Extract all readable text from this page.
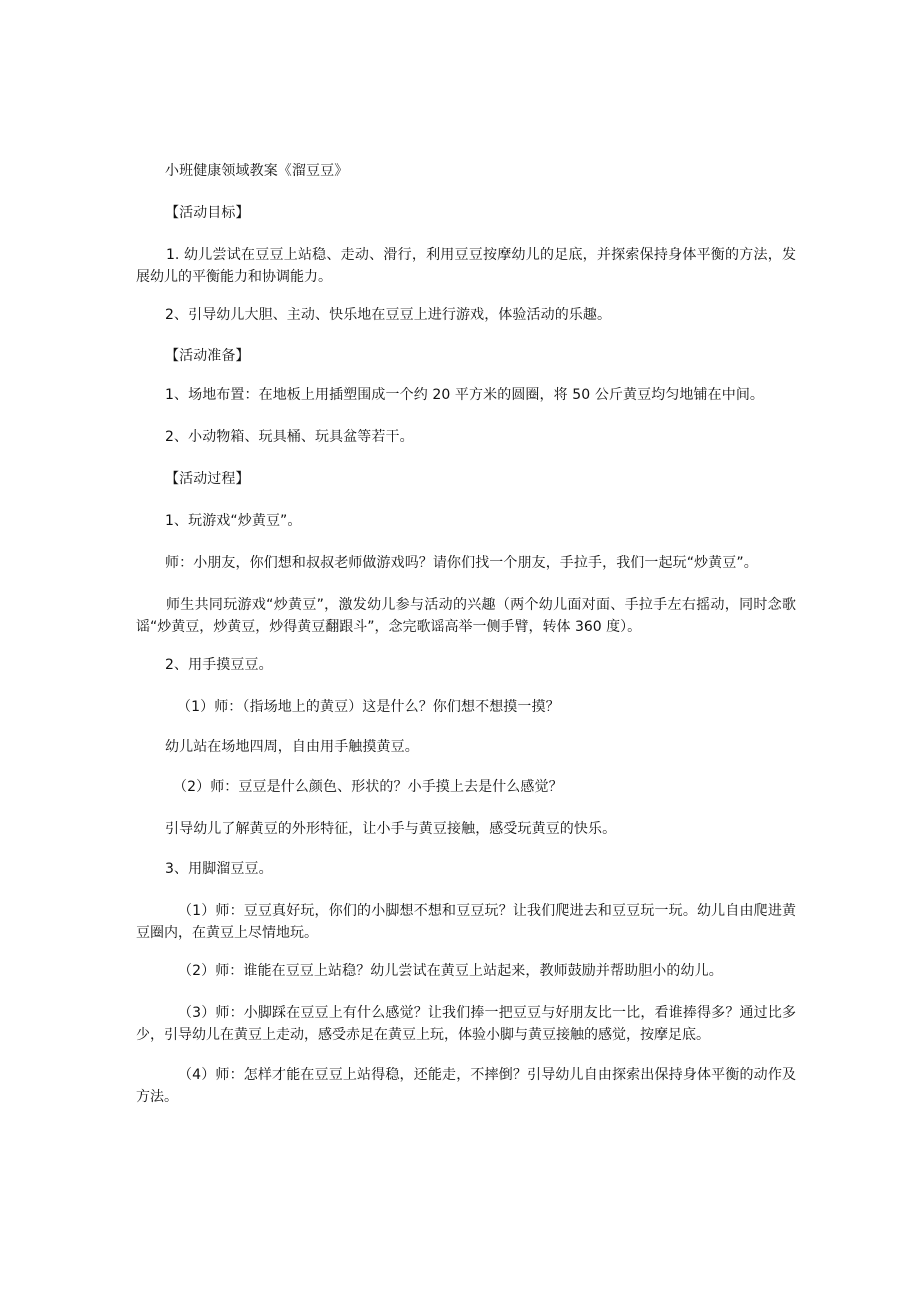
小班健康领域教案《溜豆豆》
【活动目标】
1. 幼儿尝试在豆豆上站稳、走动、滑行，利用豆豆按摩幼儿的足底，并探索保持身体平衡的方法，发展幼儿的平衡能力和协调能力。
2、引导幼儿大胆、主动、快乐地在豆豆上进行游戏，体验活动的乐趣。
【活动准备】
1、场地布置：在地板上用插塑围成一个约 20 平方米的圆圈，将 50 公斤黄豆均匀地铺在中间。
2、小动物箱、玩具桶、玩具盆等若干。
【活动过程】
1、玩游戏“炒黄豆”。
师：小朋友，你们想和叔叔老师做游戏吗？请你们找一个朋友，手拉手，我们一起玩“炒黄豆”。
师生共同玩游戏“炒黄豆”，激发幼儿参与活动的兴趣（两个幼儿面对面、手拉手左右摇动，同时念歌谣“炒黄豆，炒黄豆，炒得黄豆翻跟斗”，念完歌谣高举一侧手臂，转体 360 度）。
2、用手摸豆豆。
（1）师：（指场地上的黄豆）这是什么？你们想不想摸一摸？
幼儿站在场地四周，自由用手触摸黄豆。
（2）师：豆豆是什么颜色、形状的？小手摸上去是什么感觉？
引导幼儿了解黄豆的外形特征，让小手与黄豆接触，感受玩黄豆的快乐。
3、用脚溜豆豆。
（1）师：豆豆真好玩，你们的小脚想不想和豆豆玩？让我们爬进去和豆豆玩一玩。幼儿自由爬进黄豆圈内，在黄豆上尽情地玩。
（2）师：谁能在豆豆上站稳？幼儿尝试在黄豆上站起来，教师鼓励并帮助胆小的幼儿。
（3）师：小脚踩在豆豆上有什么感觉？让我们捧一把豆豆与好朋友比一比，看谁捧得多？通过比多少，引导幼儿在黄豆上走动，感受赤足在黄豆上玩，体验小脚与黄豆接触的感觉，按摩足底。
（4）师：怎样才能在豆豆上站得稳，还能走，不摔倒？引导幼儿自由探索出保持身体平衡的动作及方法。
